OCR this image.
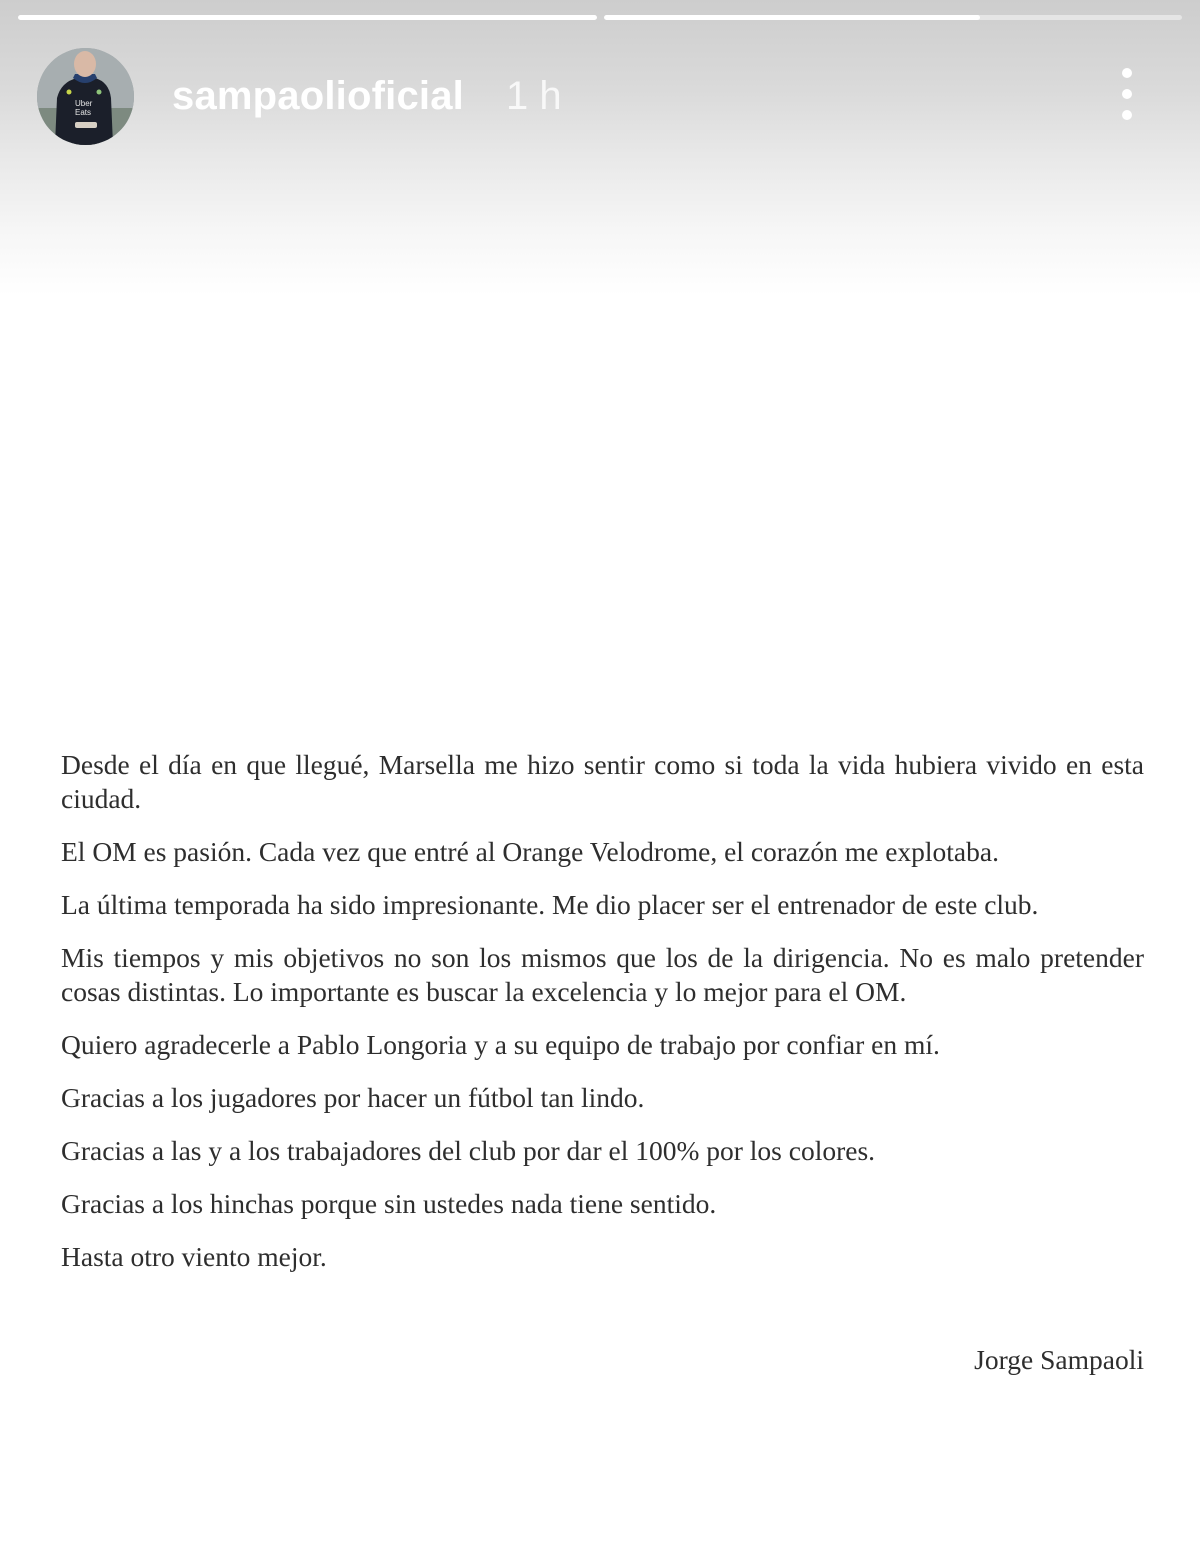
Uber
Eats sampaolioficial 1 h

Desde el día en que llegué, Marsella me hizo sentir como si toda la vida hubiera vivido en esta ciudad.

El OM es pasión. Cada vez que entré al Orange Velodrome, el corazón me explotaba.

La última temporada ha sido impresionante. Me dio placer ser el entrenador de este club.

Mis tiempos y mis objetivos no son los mismos que los de la dirigencia. No es malo pretender cosas distintas. Lo importante es buscar la excelencia y lo mejor para el OM.

Quiero agradecerle a Pablo Longoria y a su equipo de trabajo por confiar en mí.

Gracias a los jugadores por hacer un fútbol tan lindo.

Gracias a las y a los trabajadores del club por dar el 100% por los colores.

Gracias a los hinchas porque sin ustedes nada tiene sentido.

Hasta otro viento mejor.

Jorge Sampaoli
